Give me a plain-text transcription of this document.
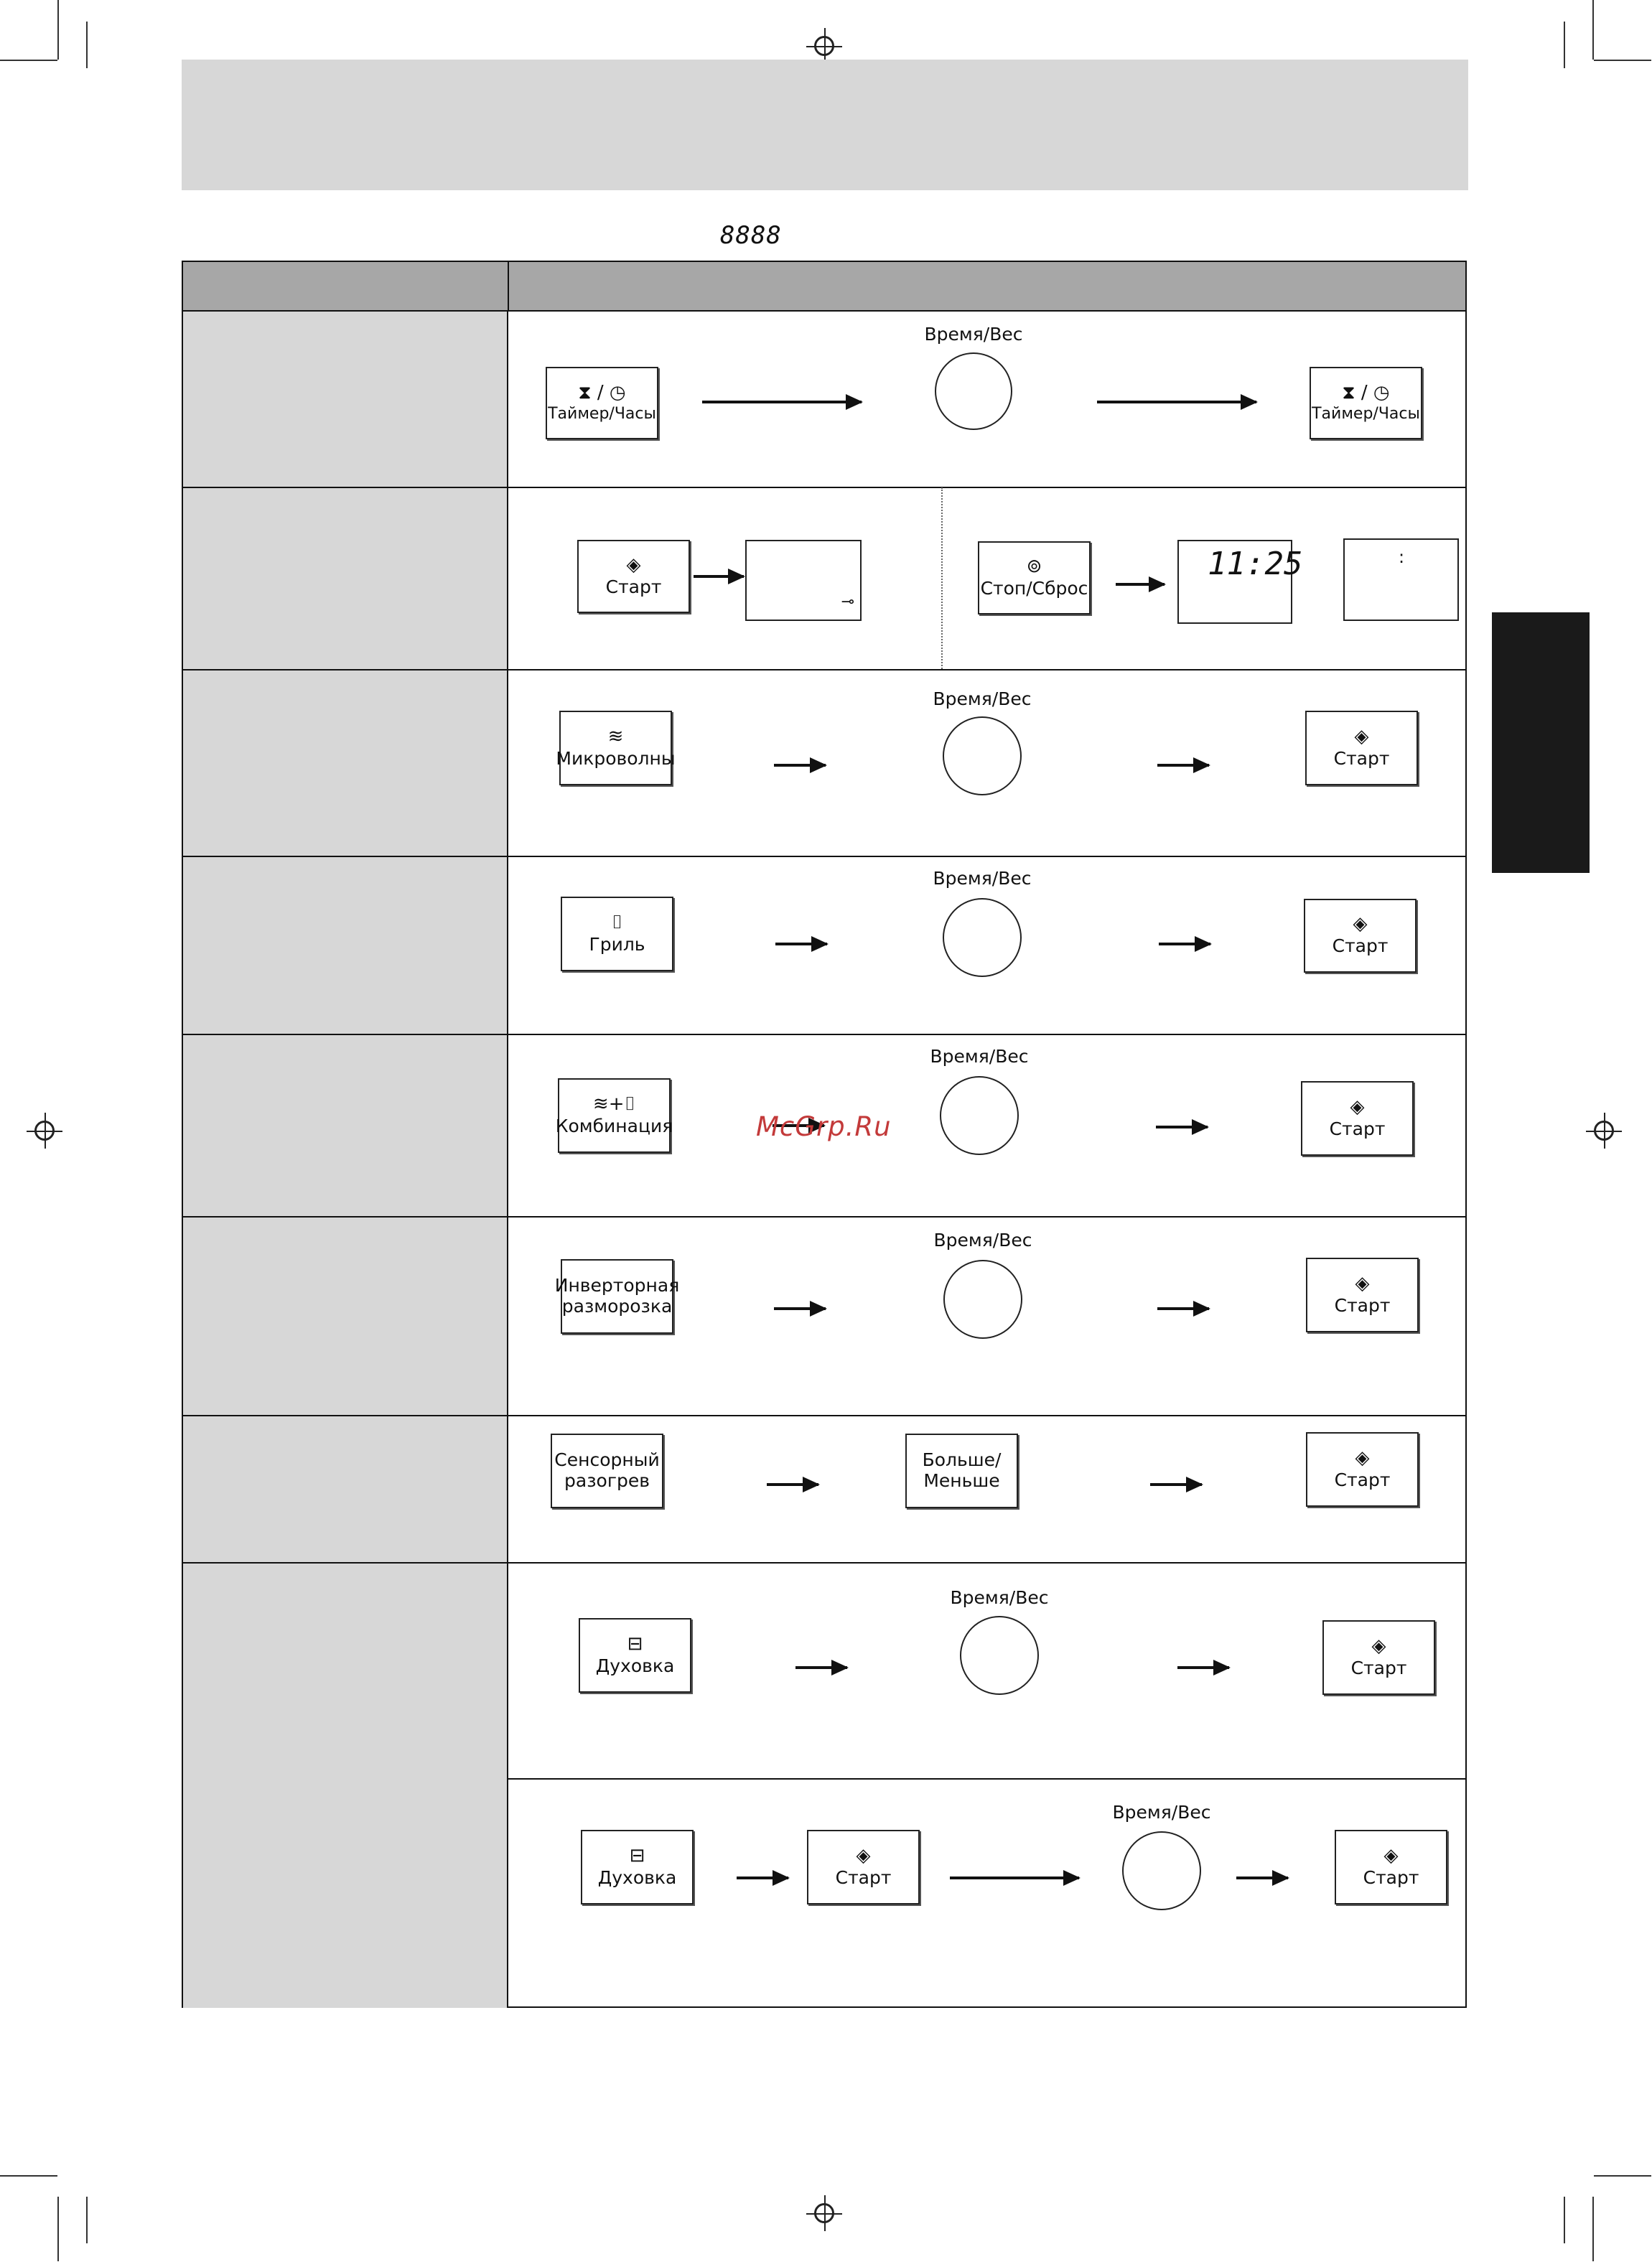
8888
⧗ / ◷
Таймер/Часы
Время/Вес
⧗ / ◷
Таймер/Часы
◈
Старт
⊸
⊚
Стоп/Сброс
11:25	:
≋
Микроволны
Время/Вес
◈
Старт
⌷
Гриль
Время/Вес
◈
Старт
≋+⌷
Комбинация
Время/Вес
◈
Старт
McGrp.Ru
Инверторная
разморозка
Время/Вес
◈
Старт
Сенсорный
разогрев
Больше/
Меньше
◈
Старт
⊟
Духовка
Время/Вес
◈
Старт
⊟
Духовка
◈
Старт
Время/Вес
◈
Старт
